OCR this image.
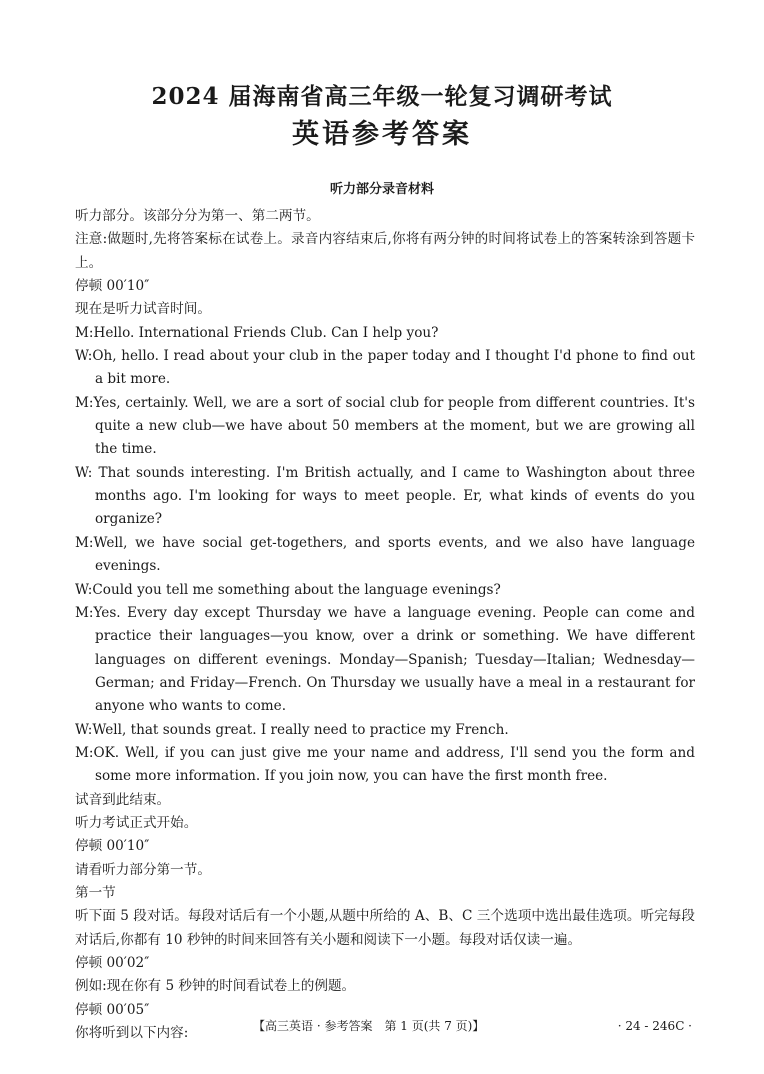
2024 届海南省高三年级一轮复习调研考试
英语参考答案
听力部分录音材料

听力部分。该部分分为第一、第二两节。

注意:做题时,先将答案标在试卷上。录音内容结束后,你将有两分钟的时间将试卷上的答案转涂到答题卡上。

停顿 00′10″

现在是听力试音时间。

M:Hello. International Friends Club. Can I help you?

W:Oh, hello. I read about your club in the paper today and I thought I'd phone to find out a bit more.

M:Yes, certainly. Well, we are a sort of social club for people from different countries. It's quite a new club—we have about 50 members at the moment, but we are growing all the time.

W: That sounds interesting. I'm British actually, and I came to Washington about three months ago. I'm looking for ways to meet people. Er, what kinds of events do you organize?

M:Well, we have social get-togethers, and sports events, and we also have language evenings.

W:Could you tell me something about the language evenings?

M:Yes. Every day except Thursday we have a language evening. People can come and practice their languages—you know, over a drink or something. We have different languages on different evenings. Monday—Spanish; Tuesday—Italian; Wednesday—German; and Friday—French. On Thursday we usually have a meal in a restaurant for anyone who wants to come.

W:Well, that sounds great. I really need to practice my French.

M:OK. Well, if you can just give me your name and address, I'll send you the form and some more information. If you join now, you can have the first month free.

试音到此结束。

听力考试正式开始。

停顿 00′10″

请看听力部分第一节。

第一节

听下面 5 段对话。每段对话后有一个小题,从题中所给的 A、B、C 三个选项中选出最佳选项。听完每段对话后,你都有 10 秒钟的时间来回答有关小题和阅读下一小题。每段对话仅读一遍。

停顿 00′02″

例如:现在你有 5 秒钟的时间看试卷上的例题。

停顿 00′05″

你将听到以下内容:	【高三英语 · 参考答案　第 1 页(共 7 页)】	· 24 - 246C ·
